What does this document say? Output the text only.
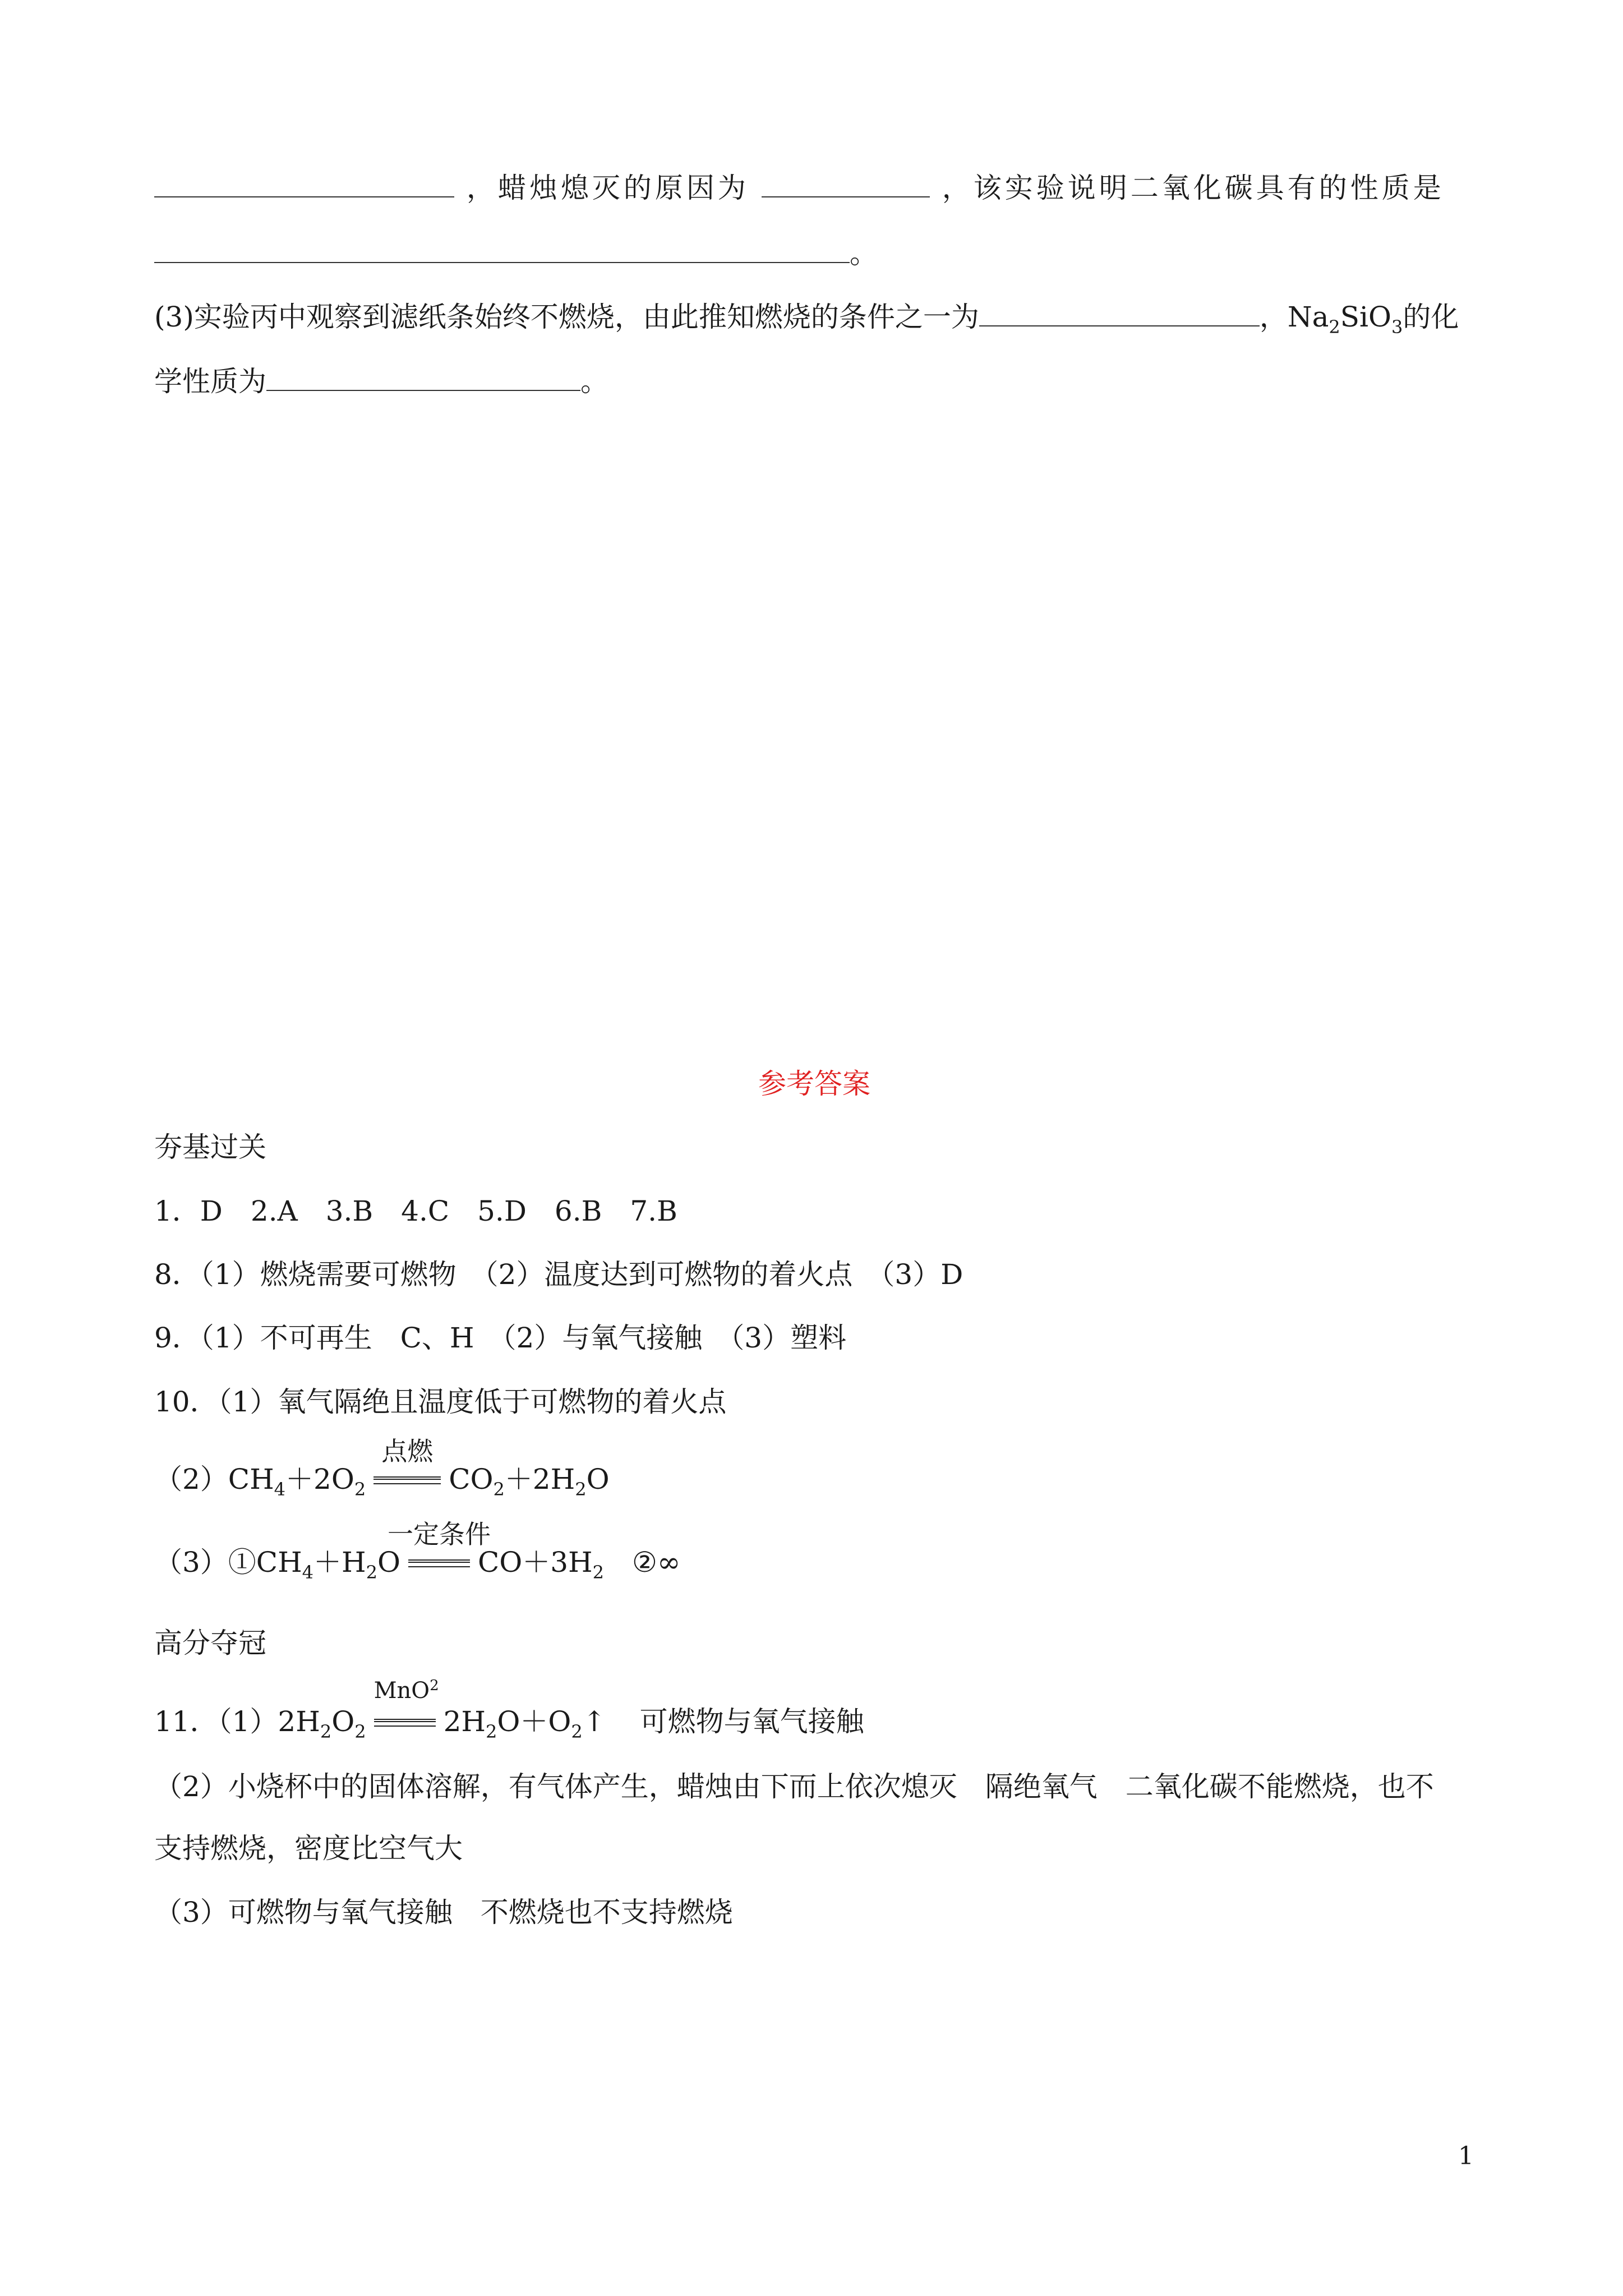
，蜡烛熄灭的原因为	，该实验说明二氧化碳具有的性质是
。
(3)实验丙中观察到滤纸条始终不燃烧，由此推知燃烧的条件之一为	，$Na_2SiO_3$的化
学性质为	。
参考答案
夯基过关
1．D　2.A　3.B　4.C　5.D　6.B　7.B
8．（1）燃烧需要可燃物　（2）温度达到可燃物的着火点　（3）D
9．（1）不可再生　C、H　（2）与氧气接触　（3）塑料
10．（1）氧气隔绝且温度低于可燃物的着火点
$(2)CH_4+2O_2$
点燃
$CO_2+2H_2O$
$(3)①CH_4+H_2O$
一定条件
$CO+3H_2$ ②∞
高分夺冠
11．$(1)2H_2O_2$
MnO$^2$
$2H_2O+O_2↑$ 可燃物与氧气接触
（2）小烧杯中的固体溶解，有气体产生，蜡烛由下而上依次熄灭　隔绝氧气　二氧化碳不能燃烧，也不
支持燃烧，密度比空气大
（3）可燃物与氧气接触　不燃烧也不支持燃烧
1
